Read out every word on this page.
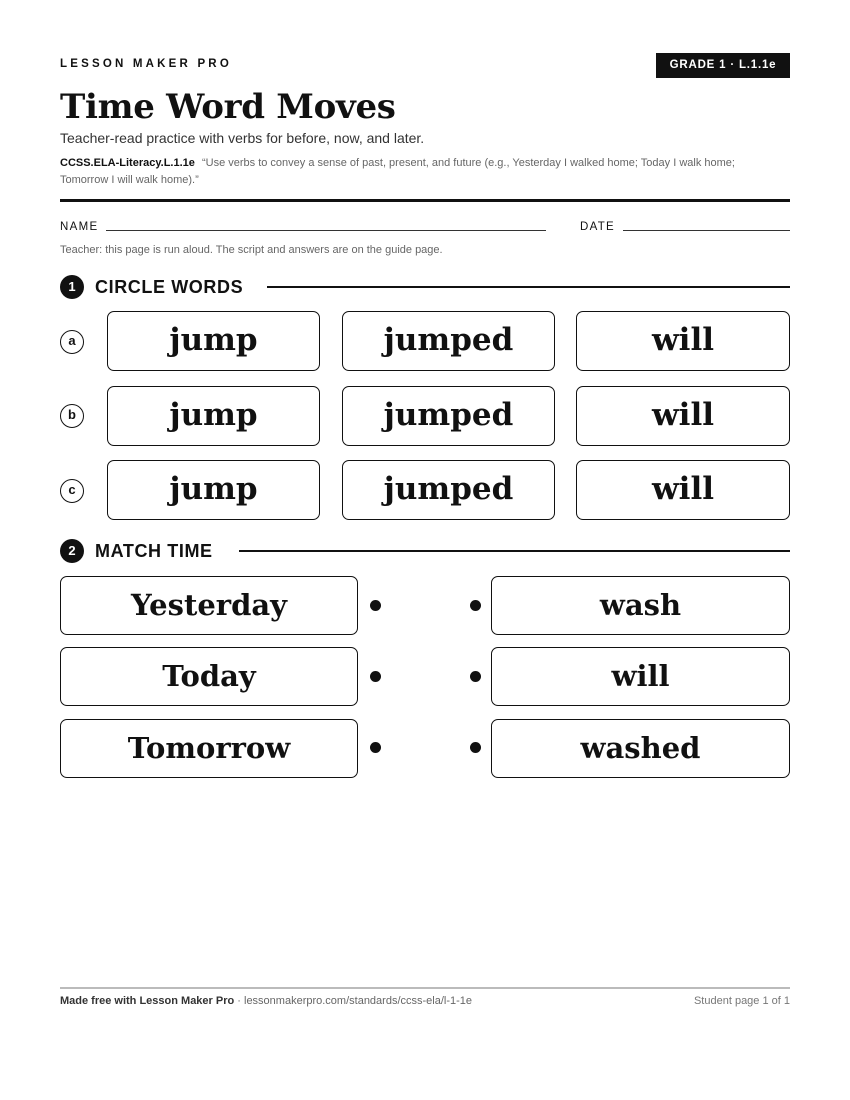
LESSON MAKER PRO	GRADE 1 · L.1.1e
Time Word Moves
Teacher-read practice with verbs for before, now, and later.
CCSS.ELA-Literacy.L.1.1e “Use verbs to convey a sense of past, present, and future (e.g., Yesterday I walked home; Today I walk home; Tomorrow I will walk home).”
NAME	DATE
Teacher: this page is run aloud. The script and answers are on the guide page.
1	CIRCLE WORDS
a	jump	jumped	will
b	jump	jumped	will
c	jump	jumped	will
2	MATCH TIME
Yesterday	wash
Today	will
Tomorrow	washed
Made free with Lesson Maker Pro · lessonmakerpro.com/standards/ccss-ela/l-1-1e	Student page 1 of 1
